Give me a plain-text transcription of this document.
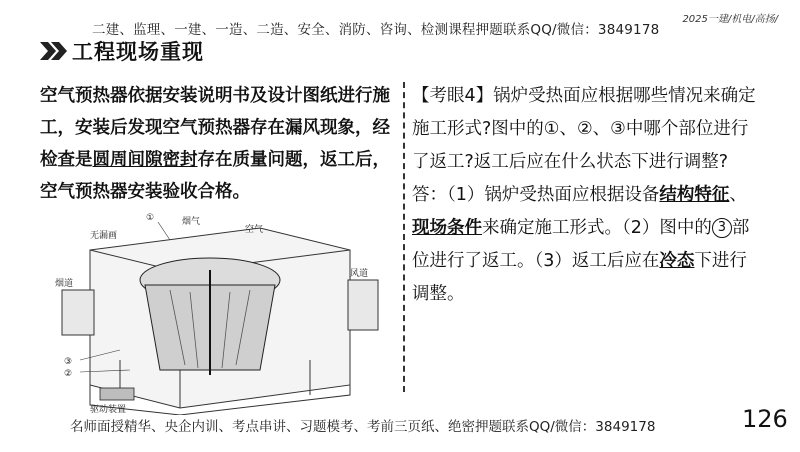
二建、监理、一建、一造、二造、安全、消防、咨询、检测课程押题联系QQ/微信：3849178
2025一建/机电/高扬/
工程现场重现
空气预热器依据安装说明书及设计图纸进行施工，安装后发现空气预热器存在漏风现象，经检查是圆周间隙密封存在质量问题，返工后，空气预热器安装验收合格。
【考眼4】锅炉受热面应根据哪些情况来确定施工形式?图中的①、②、③中哪个部位进行了返工?返工后应在什么状态下进行调整?
答：（1）锅炉受热面应根据设备结构特征、现场条件来确定施工形式。（2）图中的 3 部位进行了返工。（3）返工后应在冷态下进行调整。
①	烟气
空气
无漏画
烟道
风道
③
②
驱动装置
名师面授精华、央企内训、考点串讲、习题模考、考前三页纸、绝密押题联系QQ/微信：3849178	126
